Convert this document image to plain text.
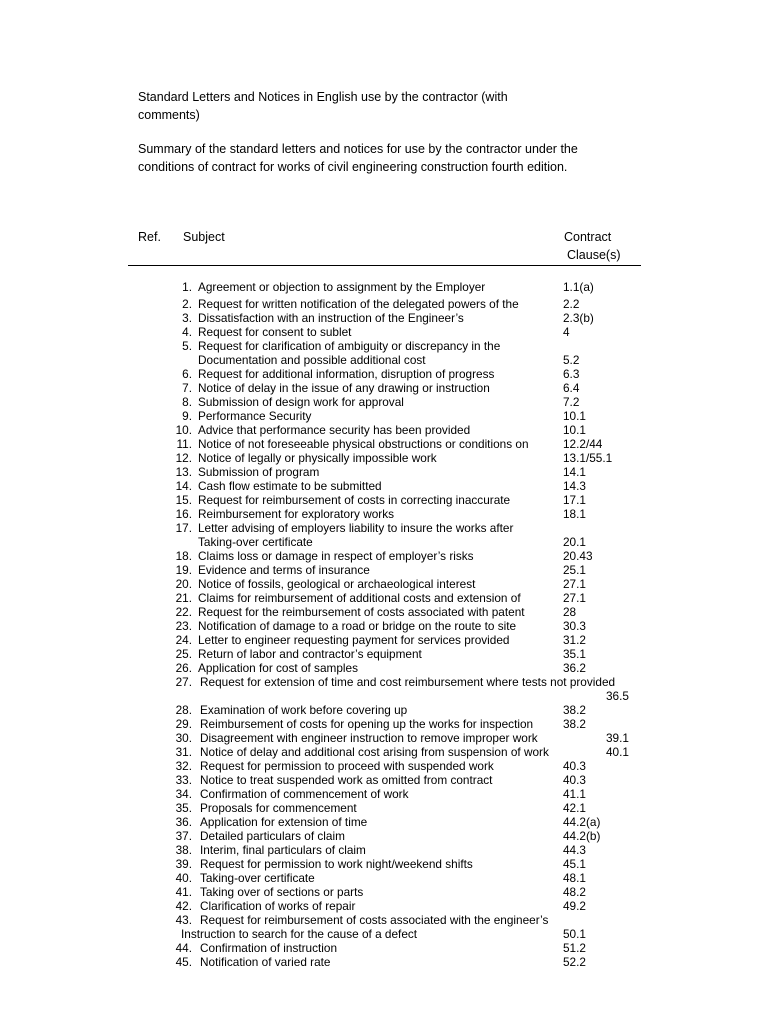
Standard Letters and Notices in English use by the contractor (with comments)
Summary of the standard letters and notices for use by the contractor under the conditions of contract for works of civil engineering construction fourth edition.
Ref. Subject	Contract
Clause(s)
1. Agreement or objection to assignment by the Employer	1.1(a)
2. Request for written notification of the delegated powers of the	2.2
3. Dissatisfaction with an instruction of the Engineer’s	2.3(b)
4. Request for consent to sublet	4
5. Request for clarification of ambiguity or discrepancy in the
Documentation and possible additional cost	5.2
6. Request for additional information, disruption of progress	6.3
7. Notice of delay in the issue of any drawing or instruction	6.4
8. Submission of design work for approval	7.2
9. Performance Security	10.1
10. Advice that performance security has been provided	10.1
11. Notice of not foreseeable physical obstructions or conditions on	12.2/44
12. Notice of legally or physically impossible work	13.1/55.1
13. Submission of program	14.1
14. Cash flow estimate to be submitted	14.3
15. Request for reimbursement of costs in correcting inaccurate	17.1
16. Reimbursement for exploratory works	18.1
17. Letter advising of employers liability to insure the works after
Taking-over certificate	20.1
18. Claims loss or damage in respect of employer’s risks	20.43
19. Evidence and terms of insurance	25.1
20. Notice of fossils, geological or archaeological interest	27.1
21. Claims for reimbursement of additional costs and extension of	27.1
22. Request for the reimbursement of costs associated with patent	28
23. Notification of damage to a road or bridge on the route to site	30.3
24. Letter to engineer requesting payment for services provided	31.2
25. Return of labor and contractor’s equipment	35.1
26. Application for cost of samples	36.2
27. Request for extension of time and cost reimbursement where tests not provided
36.5
28. Examination of work before covering up	38.2
29. Reimbursement of costs for opening up the works for inspection	38.2
30. Disagreement with engineer instruction to remove improper work	39.1
31. Notice of delay and additional cost arising from suspension of work	40.1
32. Request for permission to proceed with suspended work	40.3
33. Notice to treat suspended work as omitted from contract	40.3
34. Confirmation of commencement of work	41.1
35. Proposals for commencement	42.1
36. Application for extension of time	44.2(a)
37. Detailed particulars of claim	44.2(b)
38. Interim, final particulars of claim	44.3
39. Request for permission to work night/weekend shifts	45.1
40. Taking-over certificate	48.1
41. Taking over of sections or parts	48.2
42. Clarification of works of repair	49.2
43. Request for reimbursement of costs associated with the engineer’s
Instruction to search for the cause of a defect	50.1
44. Confirmation of instruction	51.2
45. Notification of varied rate	52.2
